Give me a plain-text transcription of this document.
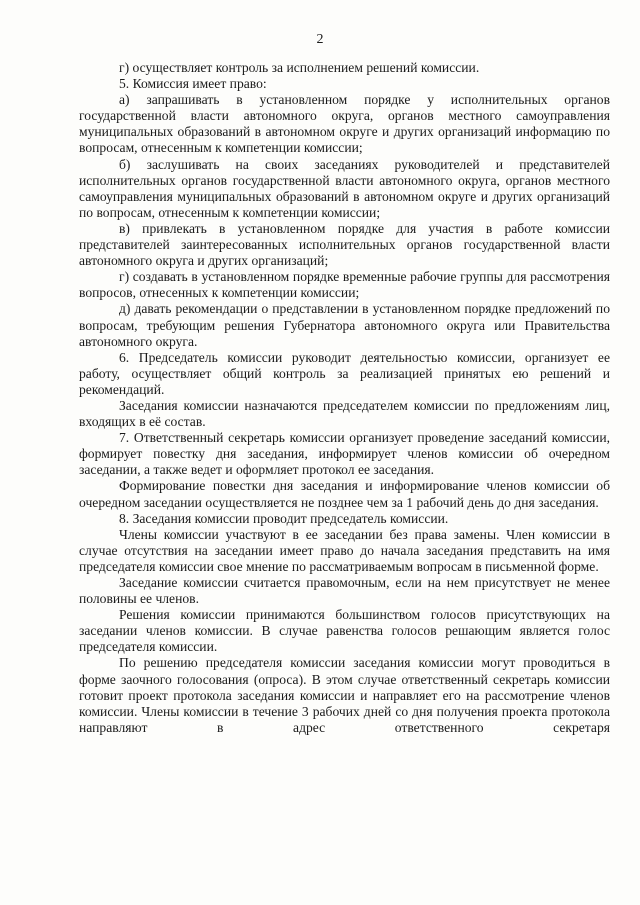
2

г) осуществляет контроль за исполнением решений комиссии.

5. Комиссия имеет право:

а) запрашивать в установленном порядке у исполнительных органов государственной власти автономного округа, органов местного самоуправления муниципальных образований в автономном округе и других организаций информацию по вопросам, отнесенным к компетенции комиссии;

б) заслушивать на своих заседаниях руководителей и представителей исполнительных органов государственной власти автономного округа, органов местного самоуправления муниципальных образований в автономном округе и других организаций по вопросам, отнесенным к компетенции комиссии;

в) привлекать в установленном порядке для участия в работе комиссии представителей заинтересованных исполнительных органов государственной власти автономного округа и других организаций;

г) создавать в установленном порядке временные рабочие группы для рассмотрения вопросов, отнесенных к компетенции комиссии;

д) давать рекомендации о представлении в установленном порядке предложений по вопросам, требующим решения Губернатора автономного округа или Правительства автономного округа.

6. Председатель комиссии руководит деятельностью комиссии, организует ее работу, осуществляет общий контроль за реализацией принятых ею решений и рекомендаций.

Заседания комиссии назначаются председателем комиссии по предложениям лиц, входящих в её состав.

7. Ответственный секретарь комиссии организует проведение заседаний комиссии, формирует повестку дня заседания, информирует членов комиссии об очередном заседании, а также ведет и оформляет протокол ее заседания.

Формирование повестки дня заседания и информирование членов комиссии об очередном заседании осуществляется не позднее чем за 1 рабочий день до дня заседания.

8. Заседания комиссии проводит председатель комиссии.

Члены комиссии участвуют в ее заседании без права замены. Член комиссии в случае отсутствия на заседании имеет право до начала заседания представить на имя председателя комиссии свое мнение по рассматриваемым вопросам в письменной форме.

Заседание комиссии считается правомочным, если на нем присутствует не менее половины ее членов.

Решения комиссии принимаются большинством голосов присутствующих на заседании членов комиссии. В случае равенства голосов решающим является голос председателя комиссии.

По решению председателя комиссии заседания комиссии могут проводиться в форме заочного голосования (опроса). В этом случае ответственный секретарь комиссии готовит проект протокола заседания комиссии и направляет его на рассмотрение членов комиссии. Члены комиссии в течение 3 рабочих дней со дня получения проекта протокола направляют в адрес ответственного секретаря
